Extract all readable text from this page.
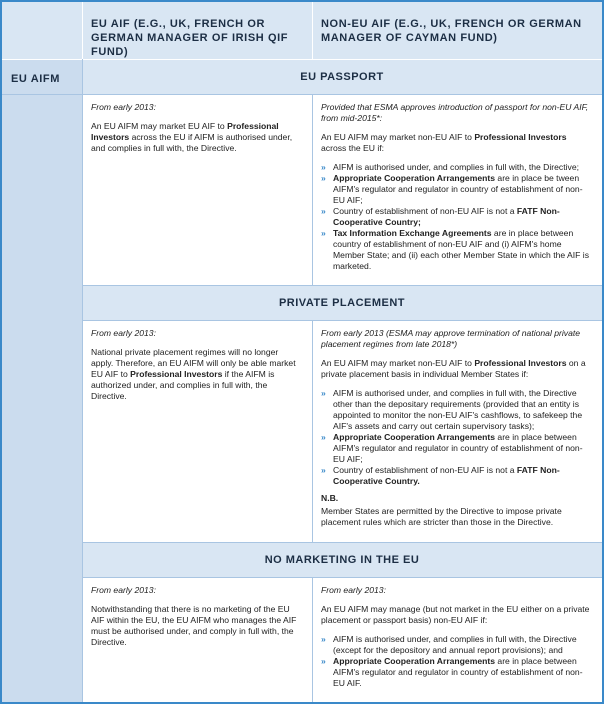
EU AIF (E.G., UK, FRENCH OR GERMAN MANAGER OF IRISH QIF FUND)
NON-EU AIF (E.G., UK, FRENCH OR GERMAN MANAGER OF CAYMAN FUND)
EU AIFM	EU PASSPORT
PRIVATE PLACEMENT
NO MARKETING IN THE EU

From early 2013:

An EU AIFM may market EU AIF to Professional Investors across the EU if AIFM is authorised under, and complies in full with, the Directive.

Provided that ESMA approves introduction of passport for non-EU AIF, from mid-2015*:

An EU AIFM may market non-EU AIF to Professional Investors across the EU if:

» AIFM is authorised under, and complies in full with, the Directive;
» Appropriate Cooperation Arrangements are in place be tween AIFM's regulator and regulator in country of establishment of non-EU AIF;
» Country of establishment of non-EU AIF is not a FATF Non-Cooperative Country;
» Tax Information Exchange Agreements are in place between country of establishment of non-EU AIF and (i) AIFM's home Member State; and (ii) each other Member State in which the AIF is marketed.

From early 2013:

National private placement regimes will no longer apply. Therefore, an EU AIFM will only be able market EU AIF to Professional Investors if the AIFM is authorized under, and complies in full with, the Directive.

From early 2013 (ESMA may approve termination of national private placement regimes from late 2018*)

An EU AIFM may market non-EU AIF to Professional Investors on a private placement basis in individual Member States if:

» AIFM is authorised under, and complies in full with, the Directive other than the depositary requirements (provided that an entity is appointed to monitor the non-EU AIF's cashflows, to safekeep the AIF's assets and carry out certain supervisory tasks);
» Appropriate Cooperation Arrangements are in place between AIFM's regulator and regulator in country of establishment of non-EU AIF;
» Country of establishment of non-EU AIF is not a FATF Non-Cooperative Country.
N.B.
Member States are permitted by the Directive to impose private placement rules which are stricter than those in the Directive.

From early 2013:

Notwithstanding that there is no marketing of the EU AIF within the EU, the EU AIFM who manages the AIF must be authorised under, and comply in full with, the Directive.

From early 2013:

An EU AIFM may manage (but not market in the EU either on a private placement or passport basis) non-EU AIF if:

» AIFM is authorised under, and complies in full with, the Directive (except for the depository and annual report provisions); and
» Appropriate Cooperation Arrangements are in place between AIFM's regulator and regulator in country of establishment of non-EU AIF.
